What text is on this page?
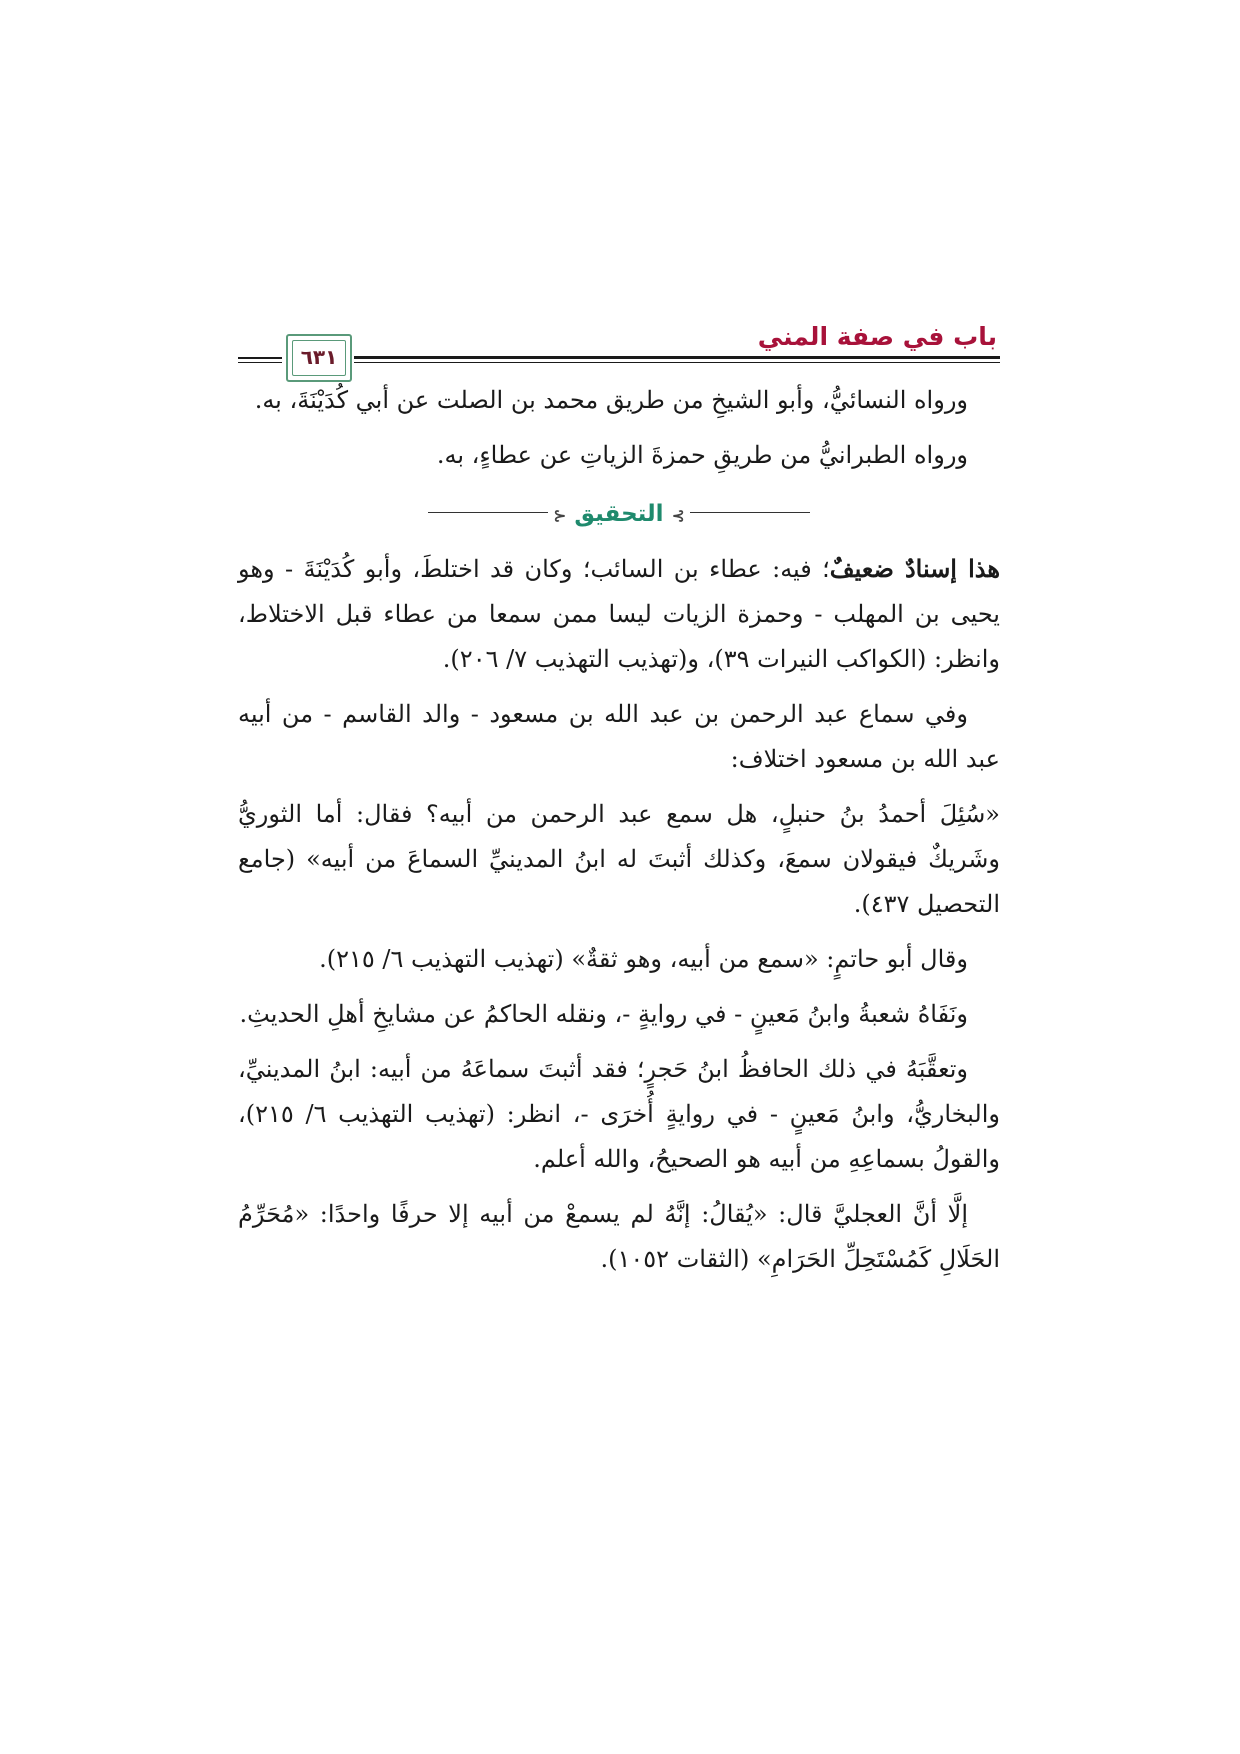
باب في صفة المني
٦٣١

ورواه النسائيُّ، وأبو الشيخِ من طريق محمد بن الصلت عن أبي كُدَيْنَةَ، به.

ورواه الطبرانيُّ من طريقِ حمزةَ الزياتِ عن عطاءٍ، به.

⊱ التحقيق ⊰

هذا إسنادٌ ضعيفٌ؛ فيه: عطاء بن السائب؛ وكان قد اختلطَ، وأبو كُدَيْنَةَ - وهو يحيى بن المهلب - وحمزة الزيات ليسا ممن سمعا من عطاء قبل الاختلاط، وانظر: (الكواكب النيرات ٣٩)، و(تهذيب التهذيب ٧/ ٢٠٦).

وفي سماع عبد الرحمن بن عبد الله بن مسعود - والد القاسم - من أبيه عبد الله بن مسعود اختلاف:

«سُئِلَ أحمدُ بنُ حنبلٍ، هل سمع عبد الرحمن من أبيه؟ فقال: أما الثوريُّ وشَريكٌ فيقولان سمعَ، وكذلك أثبتَ له ابنُ المدينيِّ السماعَ من أبيه» (جامع التحصيل ٤٣٧).

وقال أبو حاتمٍ: «سمع من أبيه، وهو ثقةٌ» (تهذيب التهذيب ٦/ ٢١٥).

ونَفَاهُ شعبةُ وابنُ مَعينٍ - في روايةٍ -، ونقله الحاكمُ عن مشايخِ أهلِ الحديثِ.

وتعقَّبَهُ في ذلك الحافظُ ابنُ حَجرٍ؛ فقد أثبتَ سماعَهُ من أبيه: ابنُ المدينيِّ، والبخاريُّ، وابنُ مَعينٍ - في روايةٍ أُخرَى -، انظر: (تهذيب التهذيب ٦/ ٢١٥)، والقولُ بسماعِهِ من أبيه هو الصحيحُ، والله أعلم.

إلَّا أنَّ العجليَّ قال: «يُقالُ: إنَّهُ لم يسمعْ من أبيه إلا حرفًا واحدًا: «مُحَرِّمُ الحَلَالِ كَمُسْتَحِلِّ الحَرَامِ» (الثقات ١٠٥٢).
